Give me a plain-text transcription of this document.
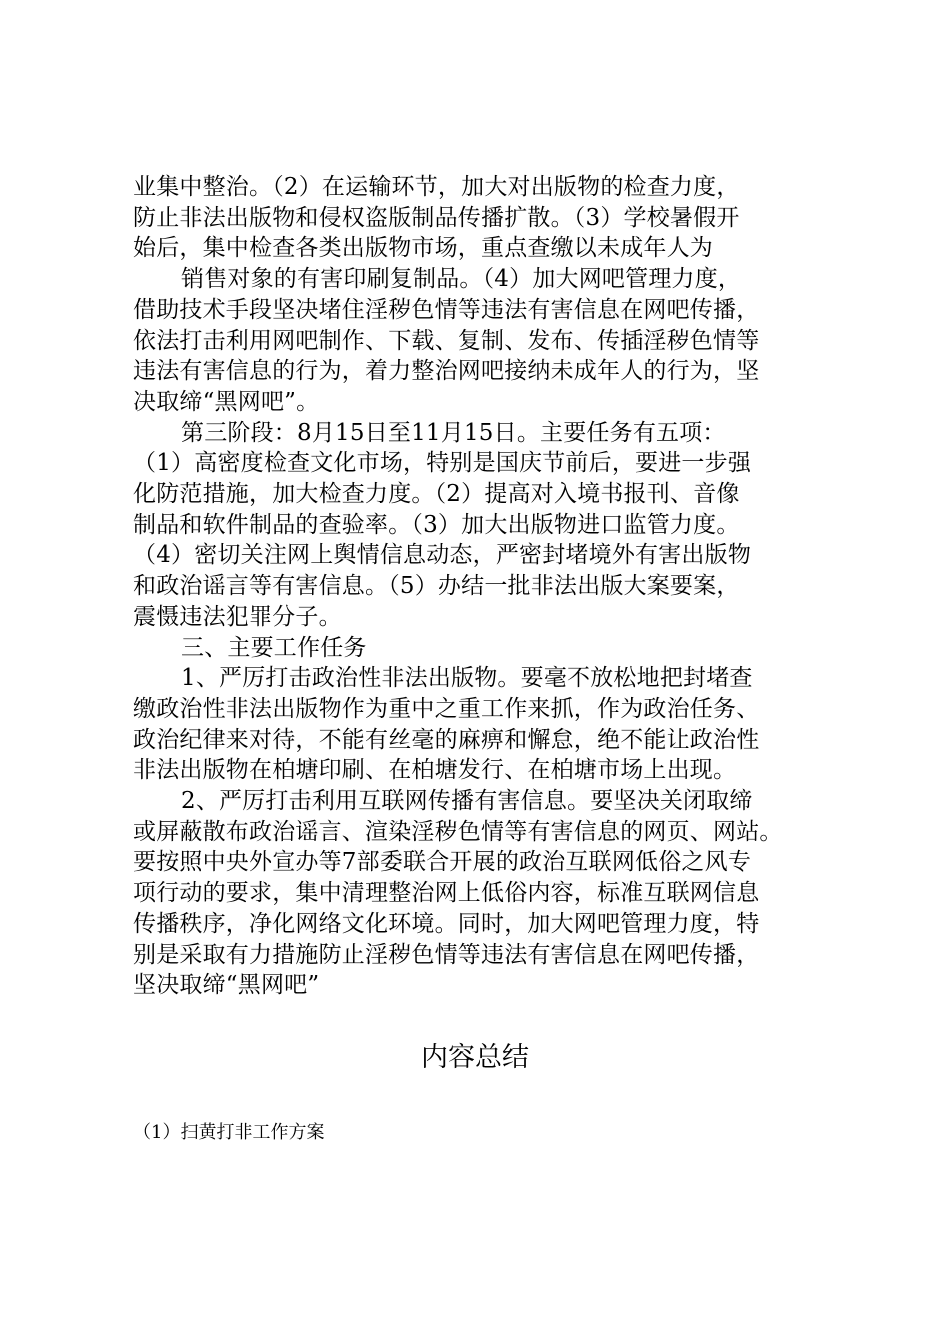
业集中整治。（2）在运输环节，加大对出版物的检查力度，

防止非法出版物和侵权盗版制品传播扩散。（3）学校暑假开

始后，集中检查各类出版物市场，重点查缴以未成年人为

销售对象的有害印刷复制品。（4）加大网吧管理力度，

借助技术手段坚决堵住淫秽色情等违法有害信息在网吧传播，

依法打击利用网吧制作、下载、复制、发布、传插淫秽色情等

违法有害信息的行为，着力整治网吧接纳未成年人的行为，坚

决取缔“黑网吧”。

第三阶段：8月15日至11月15日。主要任务有五项：

（1）高密度检查文化市场，特别是国庆节前后，要进一步强

化防范措施，加大检查力度。（2）提高对入境书报刊、音像

制品和软件制品的查验率。（3）加大出版物进口监管力度。

（4）密切关注网上舆情信息动态，严密封堵境外有害出版物

和政治谣言等有害信息。（5）办结一批非法出版大案要案，

震慑违法犯罪分子。

三、主要工作任务

1、严厉打击政治性非法出版物。要毫不放松地把封堵查

缴政治性非法出版物作为重中之重工作来抓，作为政治任务、

政治纪律来对待，不能有丝毫的麻痹和懈怠，绝不能让政治性

非法出版物在柏塘印刷、在柏塘发行、在柏塘市场上出现。

2、严厉打击利用互联网传播有害信息。要坚决关闭取缔

或屏蔽散布政治谣言、渲染淫秽色情等有害信息的网页、网站。

要按照中央外宣办等7部委联合开展的政治互联网低俗之风专

项行动的要求，集中清理整治网上低俗内容，标准互联网信息

传播秩序，净化网络文化环境。同时，加大网吧管理力度，特

别是采取有力措施防止淫秽色情等违法有害信息在网吧传播，

坚决取缔“黑网吧”

内容总结

（1）扫黄打非工作方案
